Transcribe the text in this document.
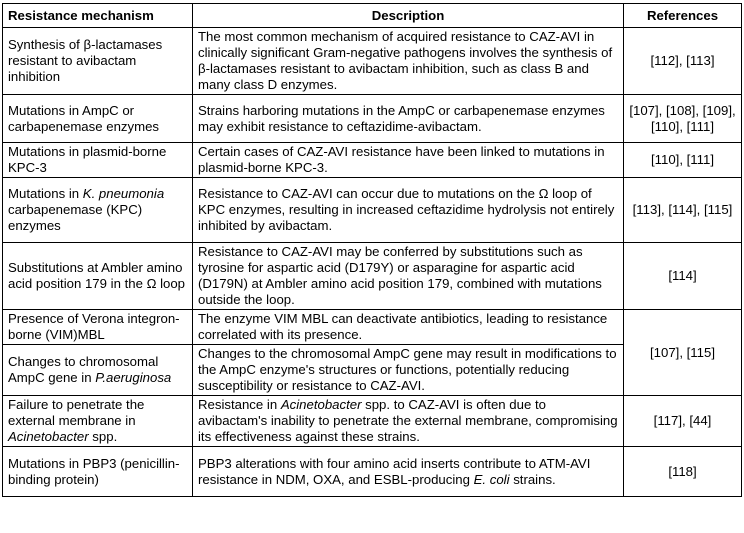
Resistance mechanism	Description	References
Synthesis of β-lactamases resistant to avibactam inhibition	The most common mechanism of acquired resistance to CAZ-AVI in clinically significant Gram-negative pathogens involves the synthesis of β-lactamases resistant to avibactam inhibition, such as class B and many class D enzymes.	[112], [113]
Mutations in AmpC or carbapenemase enzymes	Strains harboring mutations in the AmpC or carbapenemase enzymes may exhibit resistance to ceftazidime-avibactam.	[107], [108], [109], [110], [111]
Mutations in plasmid-borne KPC-3	Certain cases of CAZ-AVI resistance have been linked to mutations in plasmid-borne KPC-3.	[110], [111]
Mutations in K. pneumonia carbapenemase (KPC) enzymes	Resistance to CAZ-AVI can occur due to mutations on the Ω loop of KPC enzymes, resulting in increased ceftazidime hydrolysis not entirely inhibited by avibactam.	[113], [114], [115]
Substitutions at Ambler amino acid position 179 in the Ω loop	Resistance to CAZ-AVI may be conferred by substitutions such as tyrosine for aspartic acid (D179Y) or asparagine for aspartic acid (D179N) at Ambler amino acid position 179, combined with mutations outside the loop.	[114]
Presence of Verona integron-borne (VIM)MBL	The enzyme VIM MBL can deactivate antibiotics, leading to resistance correlated with its presence.	[107], [115]
Changes to chromosomal AmpC gene in P.aeruginosa	Changes to the chromosomal AmpC gene may result in modifications to the AmpC enzyme's structures or functions, potentially reducing susceptibility or resistance to CAZ-AVI.	
Failure to penetrate the external membrane in Acinetobacter spp.	Resistance in Acinetobacter spp. to CAZ-AVI is often due to avibactam's inability to penetrate the external membrane, compromising its effectiveness against these strains.	[117], [44]
Mutations in PBP3 (penicillin-binding protein)	PBP3 alterations with four amino acid inserts contribute to ATM-AVI resistance in NDM, OXA, and ESBL-producing E. coli strains.	[118]
